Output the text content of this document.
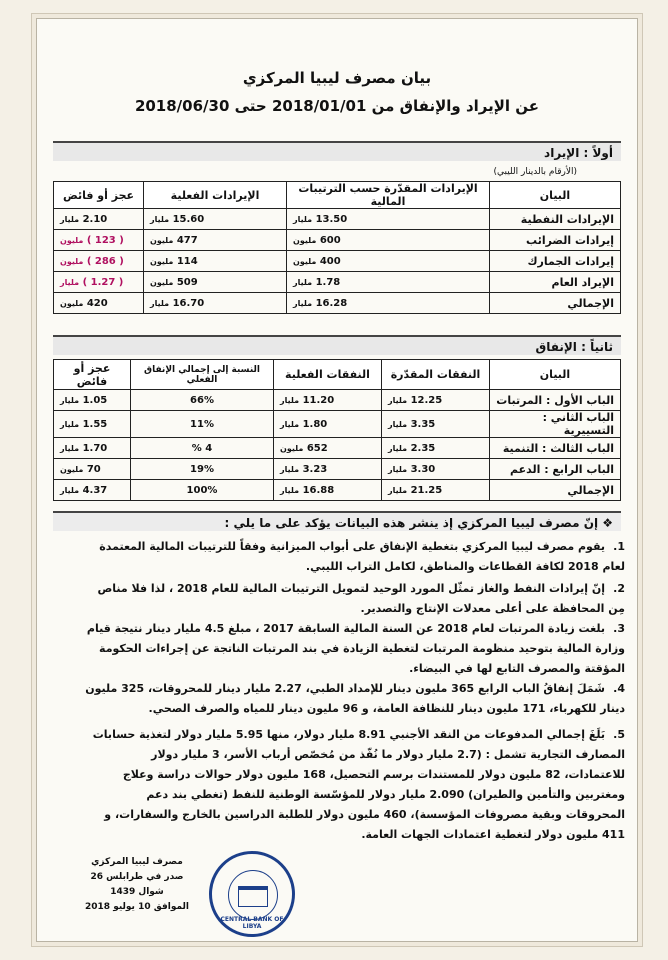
بيان مصرف ليبيا المركزي
عن الإيراد والإنفاق من 2018/01/01 حتى 2018/06/30
أولاً : الإيراد
(الأرقام بالدينار الليبي)
البيان	الإيرادات المقدّرة حسب الترتيبات المالية	الإيرادات الفعلية	عجز أو فائض
الإيرادات النفطية	13.50 مليار	15.60 مليار	2.10 مليار
إيرادات الضرائب	600 مليون	477 مليون	( 123 ) مليون
إيرادات الجمارك	400 مليون	114 مليون	( 286 ) مليون
الإيراد العام	1.78 مليار	509 مليون	( 1.27 ) مليار
الإجمالي	16.28 مليار	16.70 مليار	420 مليون
ثانياً : الإنفاق
البيان	النفقات المقدّرة	النفقات الفعلية	النسبة إلى إجمالي الإنفاق الفعلي	عجز أو فائض
الباب الأول : المرتبات	12.25 مليار	11.20 مليار	66%	1.05 مليار
الباب الثاني : التسييرية	3.35 مليار	1.80 مليار	11%	1.55 مليار
الباب الثالث : التنمية	2.35 مليار	652 مليون	4 %	1.70 مليار
الباب الرابع : الدعم	3.30 مليار	3.23 مليار	19%	70 مليون
الإجمالي	21.25 مليار	16.88 مليار	100%	4.37 مليار
❖ إنّ مصرف ليبيا المركزي إذ ينشر هذه البيانات يؤكد على ما يلي :
1.يقوم مصرف ليبيا المركزي بتغطية الإنفاق على أبواب الميزانية وفقاً للترتيبات المالية المعتمدة
لعام 2018 لكافة القطاعات والمناطق، لكامل التراب الليبي.
2.إنّ إيرادات النفط والغاز تمثّل المورد الوحيد لتمويل الترتيبات المالية للعام 2018 ، لذا فلا مناص
مِن المحافظة على أعلى معدلات الإنتاج والتصدير.
3.بلغت زيادة المرتبات لعام 2018 عن السنة المالية السابقة 2017 ، مبلغ 4.5 مليار دينار نتيجة قيام
وزارة المالية بتوحيد منظومة المرتبات لتغطية الزيادة في بند المرتبات الناتجة عن إجراءات الحكومة
المؤقتة والمصرف التابع لها في البيضاء.
4.شَمَلَ إنفاقُ الباب الرابع 365 مليون دينار للإمداد الطبي، 2.27 مليار دينار للمحروقات، 325 مليون
دينار للكهرباء، 171 مليون دينار للنظافة العامة، و 96 مليون دينار للمياه والصرف الصحي.
5.بَلَغَ إجمالي المدفوعات من النقد الأجنبي 8.91 مليار دولار، منها 5.95 مليار دولار لتغذية حسابات
المصارف التجارية تشمل : (2.7 مليار دولار ما نُفّذ من مُخصّص أرباب الأسر، 3 مليار دولار
للاعتمادات، 82 مليون دولار للمستندات برسم التحصيل، 168 مليون دولار حوالات دراسة وعلاج
ومغتربين والتأمين والطيران) 2.090 مليار دولار للمؤسّسة الوطنية للنفط (تغطي بند دعم
المحروقات وبقية مصروفات المؤسسة)، 460 مليون دولار للطلبة الدراسين بالخارج والسفارات، و
411 مليون دولار لتغطية اعتمادات الجهات العامة.
مصرف ليبيا المركزي
صدر في طرابلس 26 شوال 1439
الموافق 10 يوليو 2018
CENTRAL BANK OF LIBYA
